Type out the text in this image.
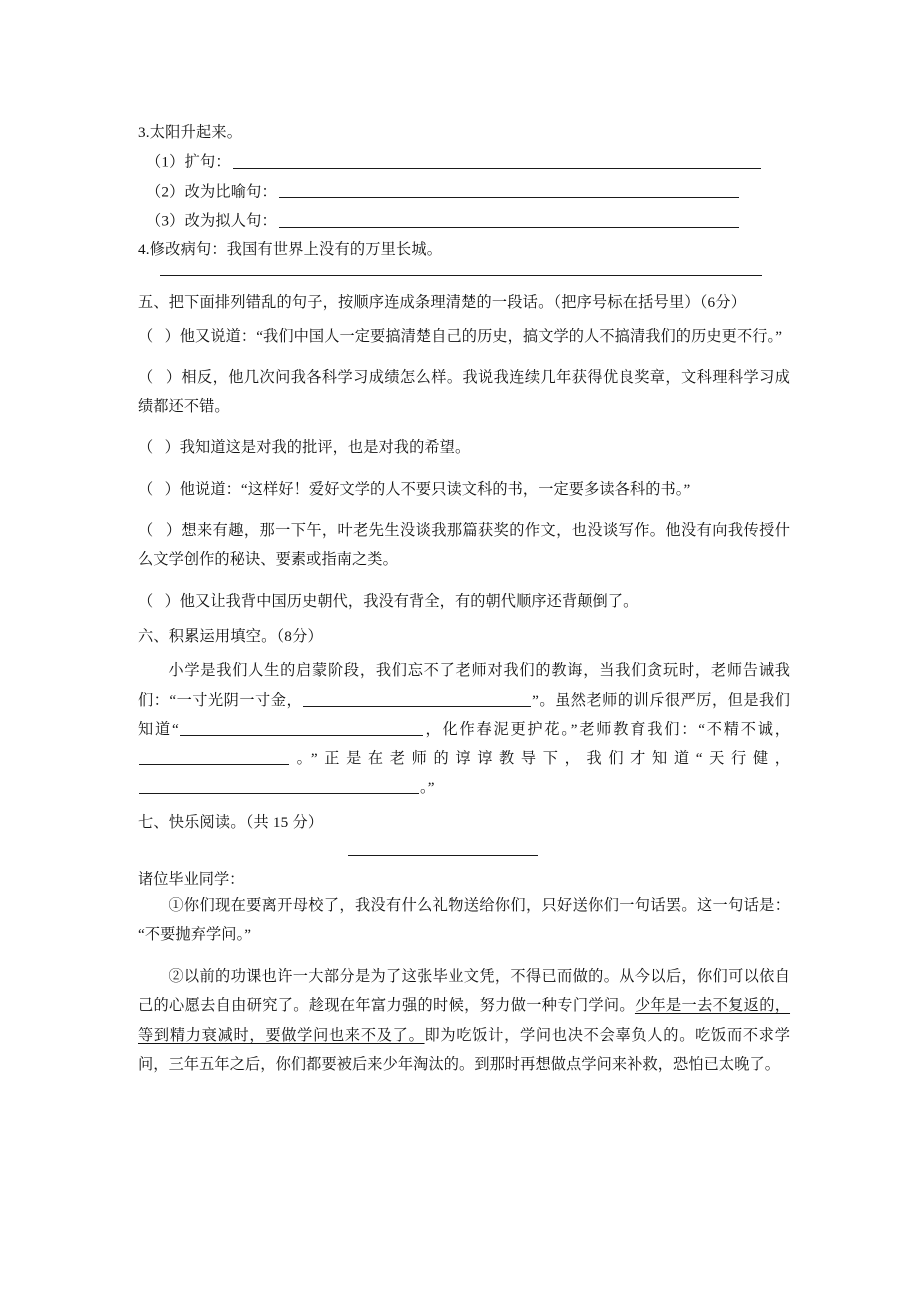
3.太阳升起来。
（1）扩句：
（2）改为比喻句：
（3）改为拟人句：
4.修改病句：我国有世界上没有的万里长城。
五、把下面排列错乱的句子，按顺序连成条理清楚的一段话。（把序号标在括号里）（6分）
（ ）他又说道：“我们中国人一定要搞清楚自己的历史，搞文学的人不搞清我们的历史更不行。”
（ ）相反，他几次问我各科学习成绩怎么样。我说我连续几年获得优良奖章，文科理科学习成绩都还不错。
（ ）我知道这是对我的批评，也是对我的希望。
（ ）他说道：“这样好！爱好文学的人不要只读文科的书，一定要多读各科的书。”
（ ）想来有趣，那一下午，叶老先生没谈我那篇获奖的作文，也没谈写作。他没有向我传授什么文学创作的秘诀、要素或指南之类。
（ ）他又让我背中国历史朝代，我没有背全，有的朝代顺序还背颠倒了。
六、积累运用填空。（8分）
小学是我们人生的启蒙阶段，我们忘不了老师对我们的教诲，当我们贪玩时，老师告诫我们：“一寸光阴一寸金，	”。虽然老师的训斥很严厉，但是我们知道“	，化作春泥更护花。”老师教育我们：“不精不诚，。”正是在老师的谆谆教导下，我们才知道“天行健，。”
七、快乐阅读。（共 15 分）
诸位毕业同学：
①你们现在要离开母校了，我没有什么礼物送给你们，只好送你们一句话罢。这一句话是：“不要抛弃学问。”
②以前的功课也许一大部分是为了这张毕业文凭，不得已而做的。从今以后，你们可以依自己的心愿去自由研究了。趁现在年富力强的时候，努力做一种专门学问。少年是一去不复返的，等到精力衰减时，要做学问也来不及了。即为吃饭计，学问也决不会辜负人的。吃饭而不求学问，三年五年之后，你们都要被后来少年淘汰的。到那时再想做点学问来补救，恐怕已太晚了。
